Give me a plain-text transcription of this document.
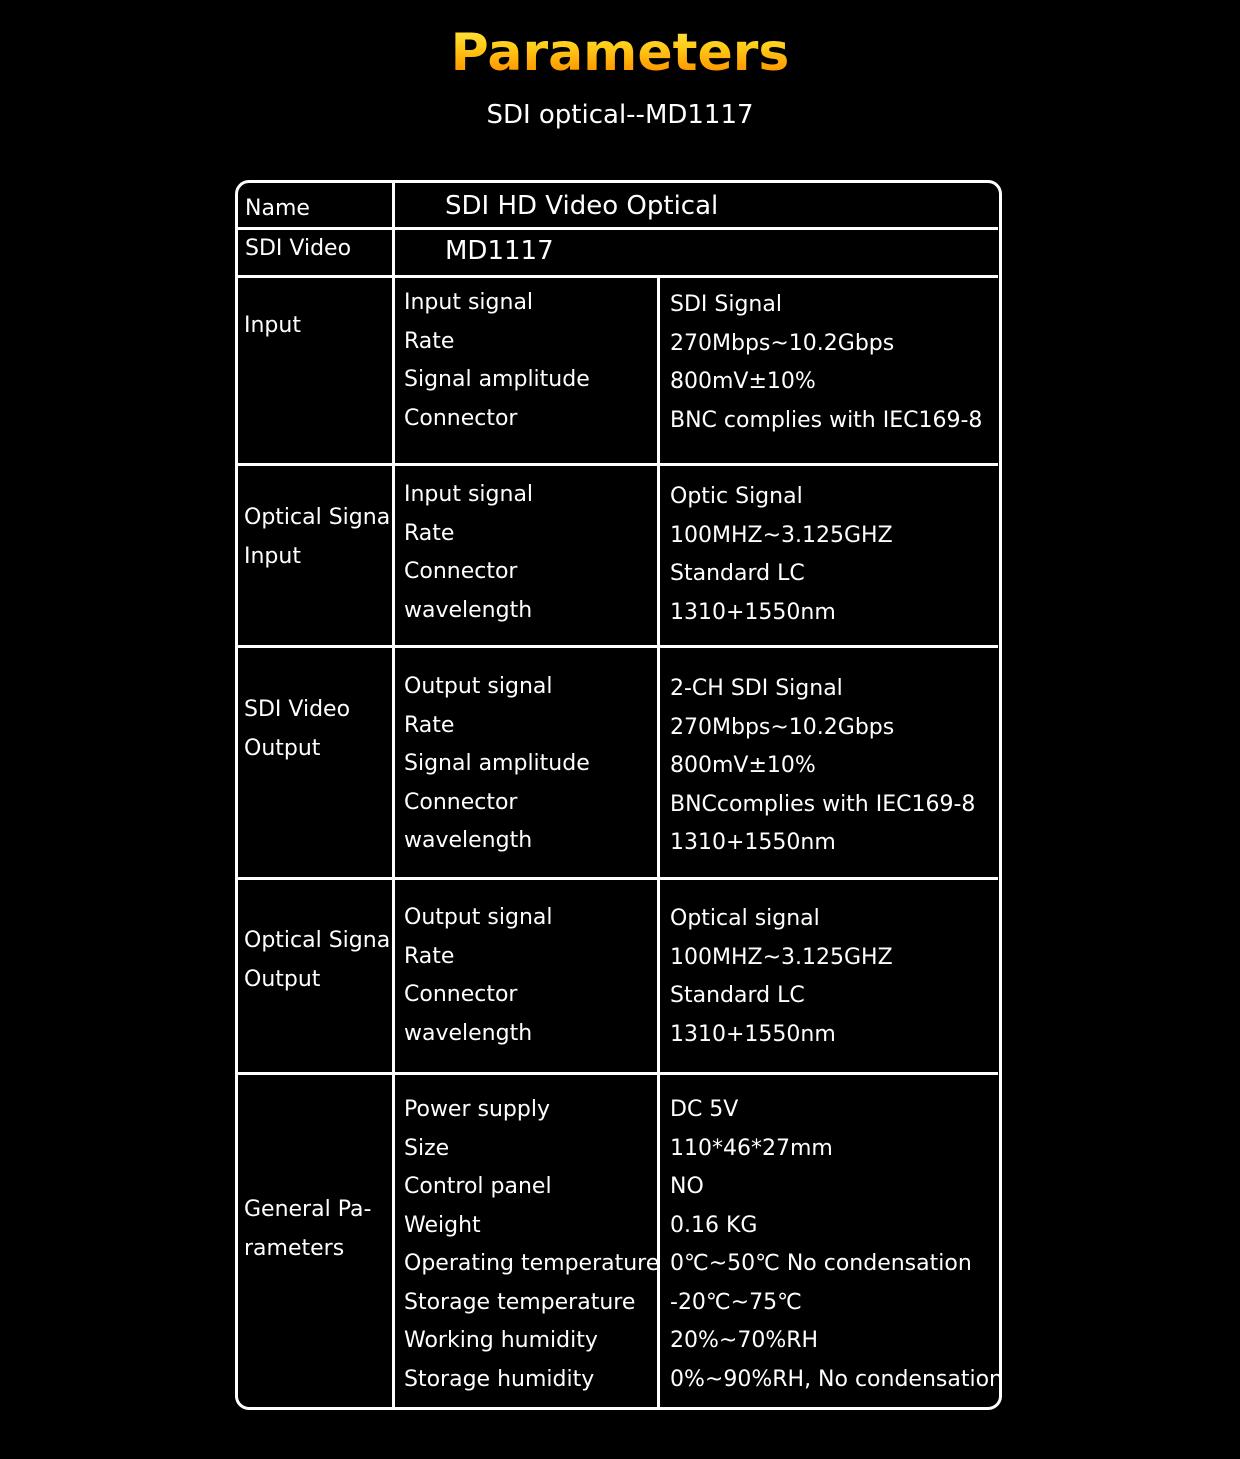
Parameters
SDI optical--MD1117
Name	SDI HD Video Optical
SDI Video	MD1117
Input
Input signal
Rate
Signal amplitude
Connector
SDI Signal
270Mbps~10.2Gbps
800mV±10%
BNC complies with IEC169-8
Optical Signal
Input
Input signal
Rate
Connector
wavelength
Optic Signal
100MHZ~3.125GHZ
Standard LC
1310+1550nm
SDI Video
Output
Output signal
Rate
Signal amplitude
Connector
wavelength
2-CH SDI Signal
270Mbps~10.2Gbps
800mV±10%
BNCcomplies with IEC169-8
1310+1550nm
Optical Signal
Output
Output signal
Rate
Connector
wavelength
Optical signal
100MHZ~3.125GHZ
Standard LC
1310+1550nm
General Pa-
rameters
Power supply
Size
Control panel
Weight
Operating temperature
Storage temperature
Working humidity
Storage humidity
DC 5V
110*46*27mm
NO
0.16 KG
0℃~50℃ No condensation
-20℃~75℃
20%~70%RH
0%~90%RH, No condensation
